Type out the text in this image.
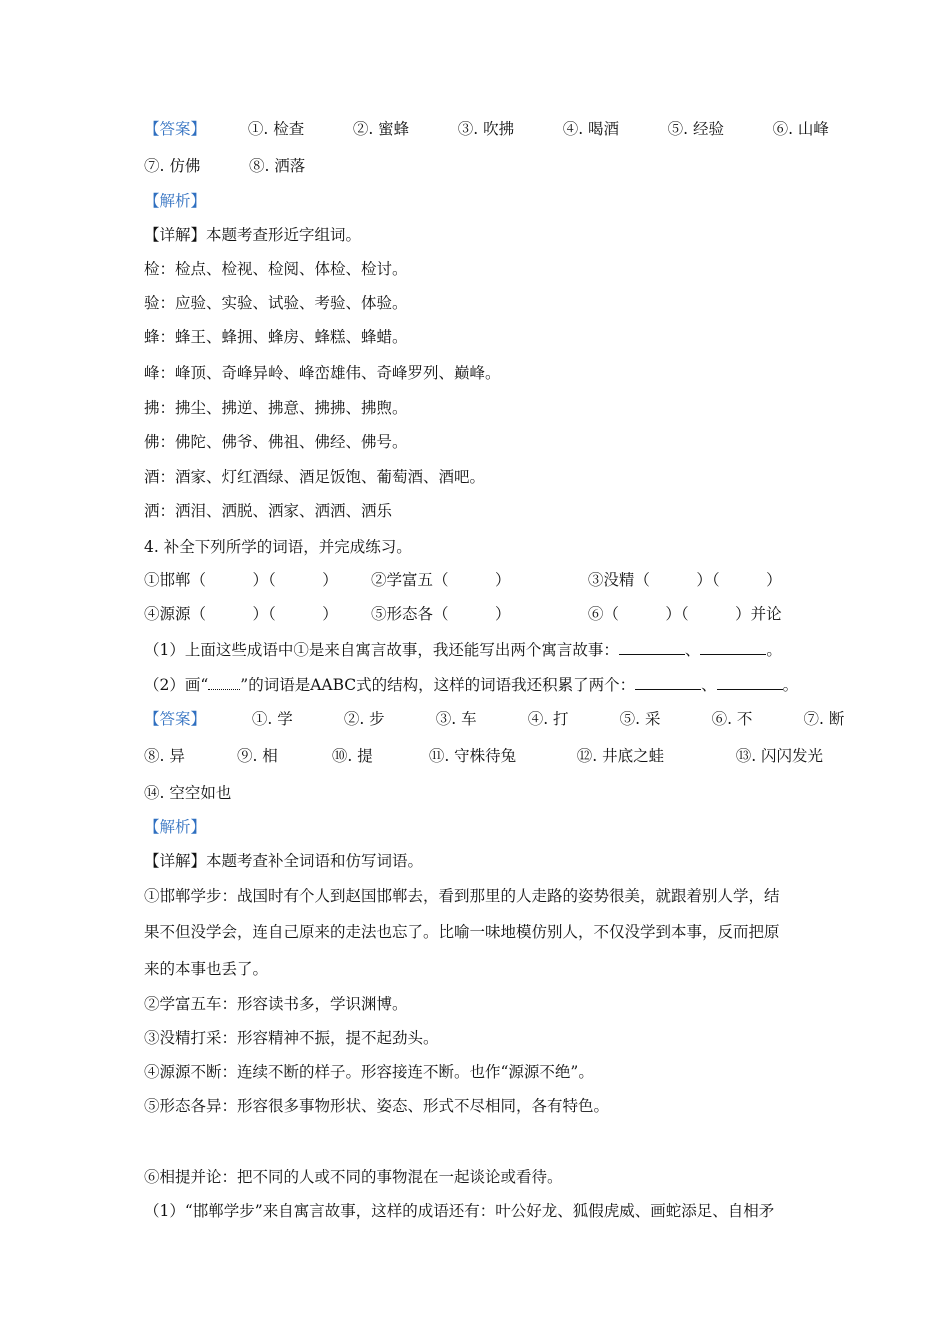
【答案】	①. 检查	②. 蜜蜂	③. 吹拂	④. 喝酒	⑤. 经验	⑥. 山峰
⑦. 仿佛	⑧. 洒落
【解析】
【详解】本题考查形近字组词。
检：检点、检视、检阅、体检、检讨。
验：应验、实验、试验、考验、体验。
蜂：蜂王、蜂拥、蜂房、蜂糕、蜂蜡。
峰：峰顶、奇峰异岭、峰峦雄伟、奇峰罗列、巅峰。
拂：拂尘、拂逆、拂意、拂拂、拂煦。
佛：佛陀、佛爷、佛祖、佛经、佛号。
酒：酒家、灯红酒绿、酒足饭饱、葡萄酒、酒吧。
洒：洒泪、洒脱、洒家、洒洒、洒乐
4. 补全下列所学的词语，并完成练习。
①邯郸（　　　）（　　　） ②学富五（　　　）	③没精（　　　）（　　　）
④源源（　　　）（　　　） ⑤形态各（　　　）	⑥（　　　）（　　　）并论
（1）上面这些成语中①是来自寓言故事，我还能写出两个寓言故事：	、	。
（2）画“ ”的词语是AABC式的结构，这样的词语我还积累了两个：	、	。
【答案】	①. 学	②. 步	③. 车	④. 打	⑤. 采	⑥. 不	⑦. 断
⑧. 异	⑨. 相	⑩. 提	⑪. 守株待兔	⑫. 井底之蛙	⑬. 闪闪发光
⑭. 空空如也
【解析】
【详解】本题考查补全词语和仿写词语。
①邯郸学步：战国时有个人到赵国邯郸去，看到那里的人走路的姿势很美，就跟着别人学，结
果不但没学会，连自己原来的走法也忘了。比喻一味地模仿别人，不仅没学到本事，反而把原
来的本事也丢了。
②学富五车：形容读书多，学识渊博。
③没精打采：形容精神不振，提不起劲头。
④源源不断：连续不断的样子。形容接连不断。也作“源源不绝”。
⑤形态各异：形容很多事物形状、姿态、形式不尽相同，各有特色。
⑥相提并论：把不同的人或不同的事物混在一起谈论或看待。
（1）“邯郸学步”来自寓言故事，这样的成语还有：叶公好龙、狐假虎威、画蛇添足、自相矛
